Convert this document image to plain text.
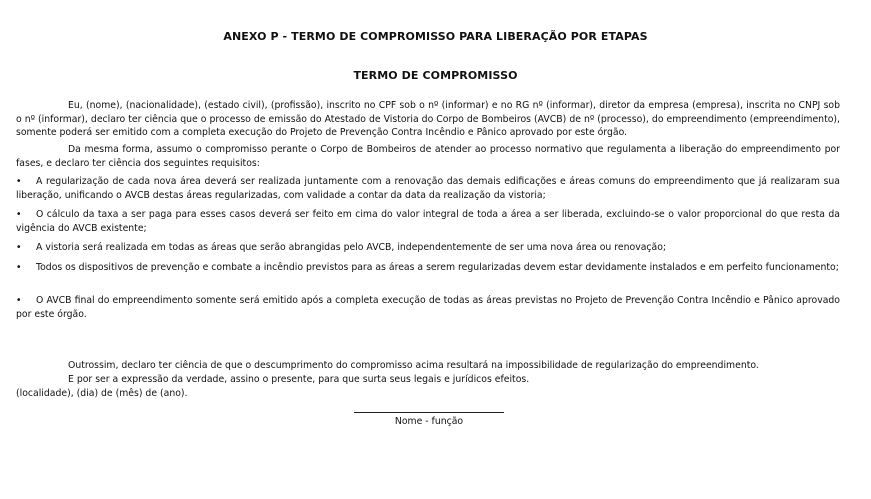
ANEXO P - TERMO DE COMPROMISSO PARA LIBERAÇÃO POR ETAPAS
TERMO DE COMPROMISSO
Eu, (nome), (nacionalidade), (estado civil), (profissão), inscrito no CPF sob o nº (informar) e no RG nº (informar), diretor da empresa (empresa), inscrita no CNPJ sob o nº (informar), declaro ter ciência que o processo de emissão do Atestado de Vistoria do Corpo de Bombeiros (AVCB) de nº (processo), do empreendimento (empreendimento), somente poderá ser emitido com a completa execução do Projeto de Prevenção Contra Incêndio e Pânico aprovado por este órgão.
Da mesma forma, assumo o compromisso perante o Corpo de Bombeiros de atender ao processo normativo que regulamenta a liberação do empreendimento por fases, e declaro ter ciência dos seguintes requisitos:
• A regularização de cada nova área deverá ser realizada juntamente com a renovação das demais edificações e áreas comuns do empreendimento que já realizaram sua liberação, unificando o AVCB destas áreas regularizadas, com validade a contar da data da realização da vistoria;
• O cálculo da taxa a ser paga para esses casos deverá ser feito em cima do valor integral de toda a área a ser liberada, excluindo-se o valor proporcional do que resta da vigência do AVCB existente;
• A vistoria será realizada em todas as áreas que serão abrangidas pelo AVCB, independentemente de ser uma nova área ou renovação;
• Todos os dispositivos de prevenção e combate a incêndio previstos para as áreas a serem regularizadas devem estar devidamente instalados e em perfeito funcionamento;
• O AVCB final do empreendimento somente será emitido após a completa execução de todas as áreas previstas no Projeto de Prevenção Contra Incêndio e Pânico aprovado por este órgão.
Outrossim, declaro ter ciência de que o descumprimento do compromisso acima resultará na impossibilidade de regularização do empreendimento.
E por ser a expressão da verdade, assino o presente, para que surta seus legais e jurídicos efeitos.
(localidade), (dia) de (mês) de (ano).
Nome - função
